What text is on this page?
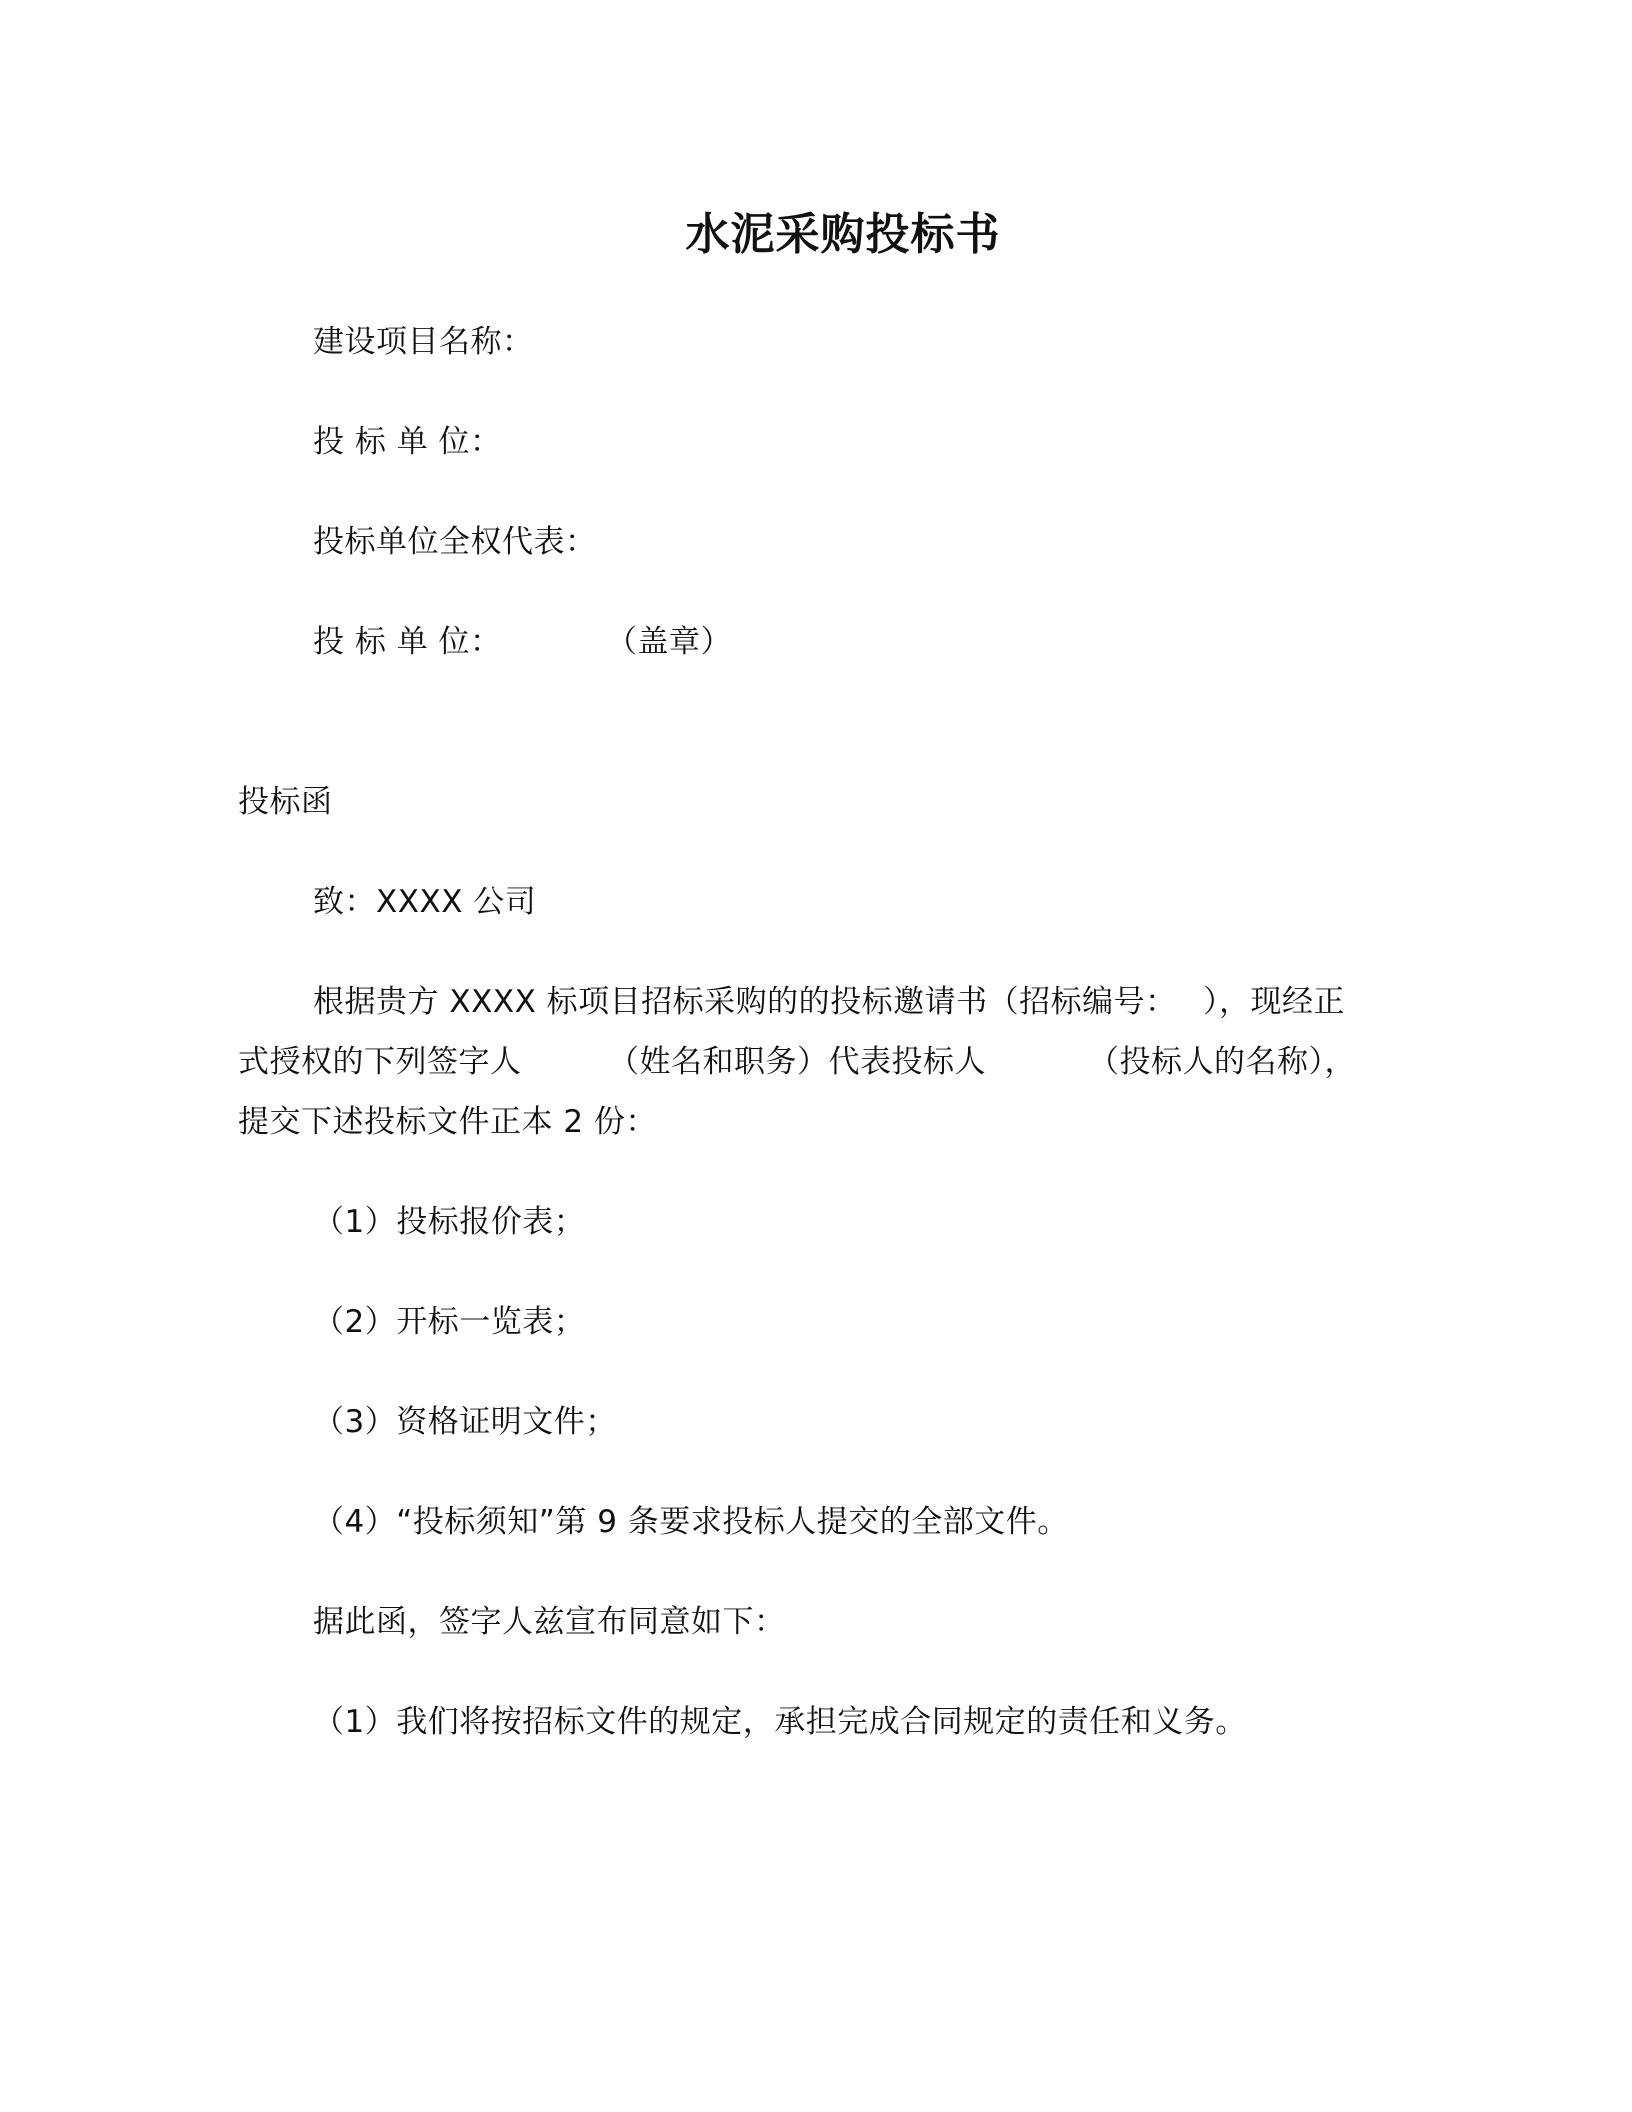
水泥采购投标书
建设项目名称：
投 标 单 位：
投标单位全权代表：
投 标 单 位：	（盖章）
投标函
致：XXXX 公司
根据贵方 XXXX 标项目招标采购的的投标邀请书（招标编号：　 ），现经正
式授权的下列签字人	（姓名和职务）代表投标人	（投标人的名称），
提交下述投标文件正本 2 份：
（1）投标报价表；
（2）开标一览表；
（3）资格证明文件；
（4）“投标须知”第 9 条要求投标人提交的全部文件。
据此函，签字人兹宣布同意如下：
（1）我们将按招标文件的规定，承担完成合同规定的责任和义务。
